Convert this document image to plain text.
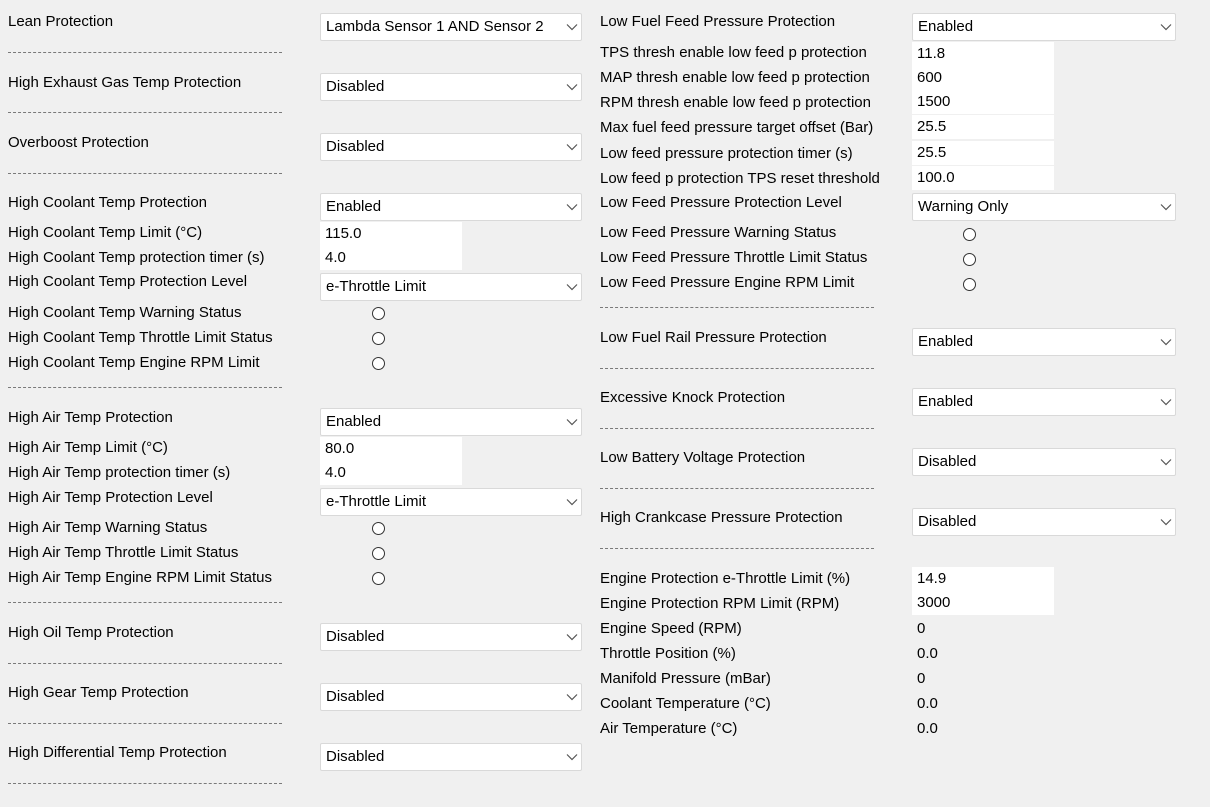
Lean Protection	Lambda Sensor 1 AND Sensor 2
High Exhaust Gas Temp Protection	Disabled
Overboost Protection	Disabled
High Coolant Temp Protection	Enabled
High Coolant Temp Limit (°C)	115.0
High Coolant Temp protection timer (s)	4.0
High Coolant Temp Protection Level	e-Throttle Limit
High Coolant Temp Warning Status
High Coolant Temp Throttle Limit Status
High Coolant Temp Engine RPM Limit
High Air Temp Protection	Enabled
High Air Temp Limit (°C)	80.0
High Air Temp protection timer (s)	4.0
High Air Temp Protection Level	e-Throttle Limit
High Air Temp Warning Status
High Air Temp Throttle Limit Status
High Air Temp Engine RPM Limit Status
High Oil Temp Protection	Disabled
High Gear Temp Protection	Disabled
High Differential Temp Protection	Disabled
Low Fuel Feed Pressure Protection	Enabled
TPS thresh enable low feed p protection	11.8
MAP thresh enable low feed p protection	600
RPM thresh enable low feed p protection	1500
Max fuel feed pressure target offset (Bar)	25.5
Low feed pressure protection timer (s)	25.5
Low feed p protection TPS reset threshold	100.0
Low Feed Pressure Protection Level	Warning Only
Low Feed Pressure Warning Status
Low Feed Pressure Throttle Limit Status
Low Feed Pressure Engine RPM Limit
Low Fuel Rail Pressure Protection	Enabled
Excessive Knock Protection	Enabled
Low Battery Voltage Protection	Disabled
High Crankcase Pressure Protection	Disabled
Engine Protection e-Throttle Limit (%)	14.9
Engine Protection RPM Limit (RPM)	3000
Engine Speed (RPM)	0
Throttle Position (%)	0.0
Manifold Pressure (mBar)	0
Coolant Temperature (°C)	0.0
Air Temperature (°C)	0.0
